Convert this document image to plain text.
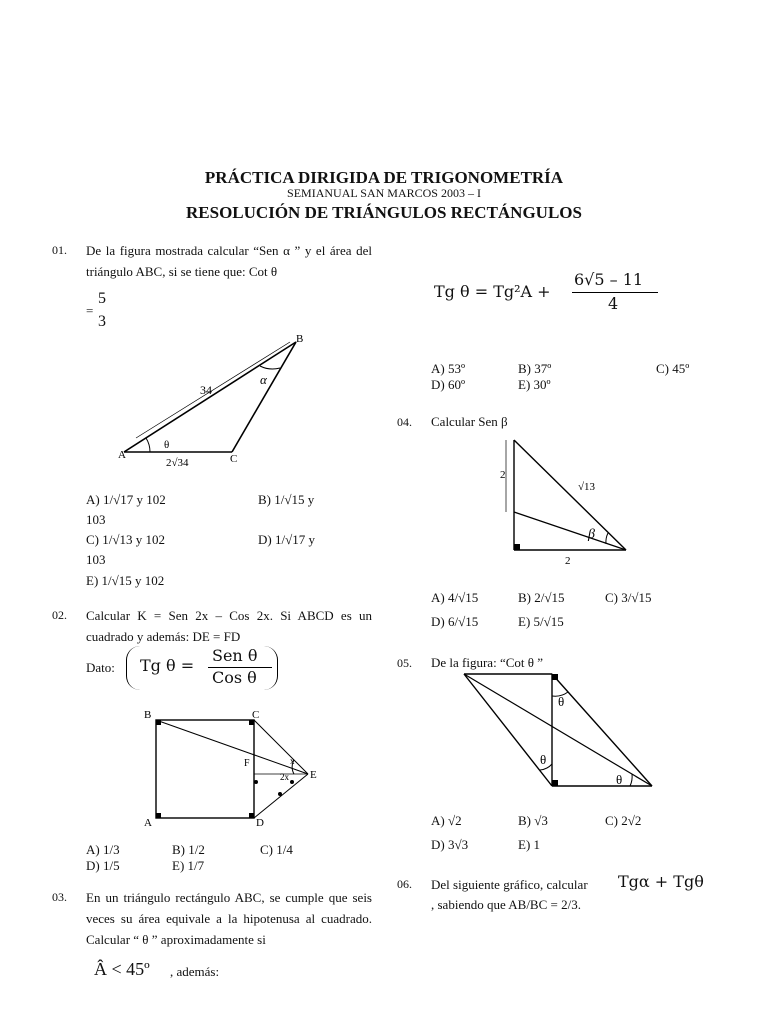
PRÁCTICA DIRIGIDA DE TRIGONOMETRÍA
SEMIANUAL SAN MARCOS 2003 – I
RESOLUCIÓN DE TRIÁNGULOS RECTÁNGULOS
01. De la figura mostrada calcular “Sen α ” y el área del triángulo ABC, si se tiene que: Cot θ
=
5
3
B
A	C
34
2√34
α
θ
A) 1/√17 y 102	B) 1/√15 y
103
C) 1/√13 y 102	D) 1/√17 y
103
E) 1/√15 y 102
02. Calcular K = Sen 2x – Cos 2x. Si ABCD es un cuadrado y además: DE = FD
Dato: Tg θ =
Sen θ
Cos θ
B	C
A	D
F
E
x
2x
A) 1/3	B) 1/2	C) 1/4
D) 1/5	E) 1/7
03. En un triángulo rectángulo ABC, se cumple que seis veces su área equivale a la hipotenusa al cuadrado. Calcular “ θ ” aproximadamente si
Â < 45º , además:
Tg θ = Tg²A +
6√5 – 11
4
A) 53º	B) 37º	C) 45º
D) 60º	E) 30º
04. Calcular Sen β
2
√13
2
β
A) 4/√15	B) 2/√15	C) 3/√15
D) 6/√15	E) 5/√15
05. De la figura: “Cot θ ”
θ
θ
θ
A) √2	B) √3	C) 2√2
D) 3√3	E) 1
06. Del siguiente gráfico, calcular Tgα + Tgθ
, sabiendo que AB/BC = 2/3.
